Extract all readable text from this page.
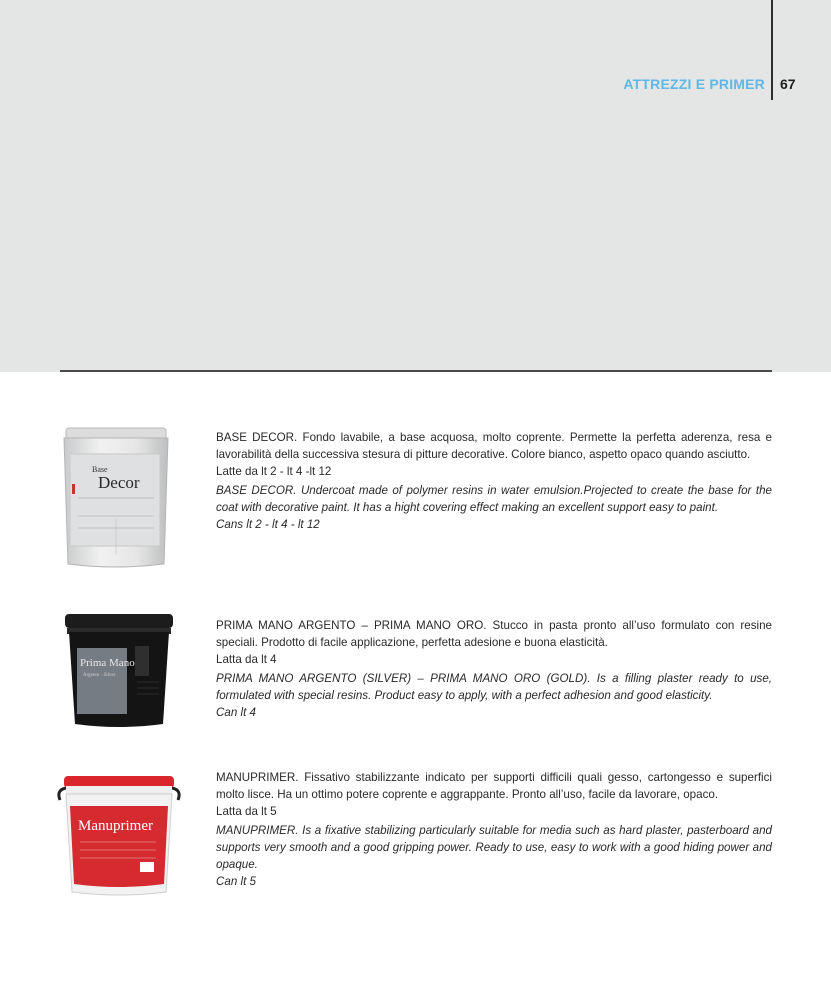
ATTREZZI E PRIMER 67
Base
Decor

BASE DECOR. Fondo lavabile, a base acquosa, molto coprente. Permette la perfetta aderenza, resa e lavorabilità della successiva stesura di pitture decorative. Colore bianco, aspetto opaco quando asciutto.

Latte da lt 2 - lt 4 -lt 12

BASE DECOR. Undercoat made of polymer resins in water emulsion.Projected to create the base for the coat with decorative paint. It has a hight covering effect making an excellent support easy to paint.

Cans lt 2 - lt 4 - lt 12

Prima Mano
Argento · Silver

PRIMA MANO ARGENTO – PRIMA MANO ORO. Stucco in pasta pronto all’uso formulato con resine speciali. Prodotto di facile applicazione, perfetta adesione e buona elasticità.

Latta da lt 4

PRIMA MANO ARGENTO (SILVER) – PRIMA MANO ORO (GOLD). Is a filling plaster ready to use, formulated with special resins. Product easy to apply, with a perfect adhesion and good elasticity.

Can lt 4

Manuprimer

MANUPRIMER. Fissativo stabilizzante indicato per supporti difficili quali gesso, cartongesso e superfici molto lisce. Ha un ottimo potere coprente e aggrappante. Pronto all’uso, facile da lavorare, opaco.

Latta da lt 5

MANUPRIMER. Is a fixative stabilizing particularly suitable for media such as hard plaster, pasterboard and supports very smooth and a good gripping power. Ready to use, easy to work with a good hiding power and opaque.

Can lt 5
